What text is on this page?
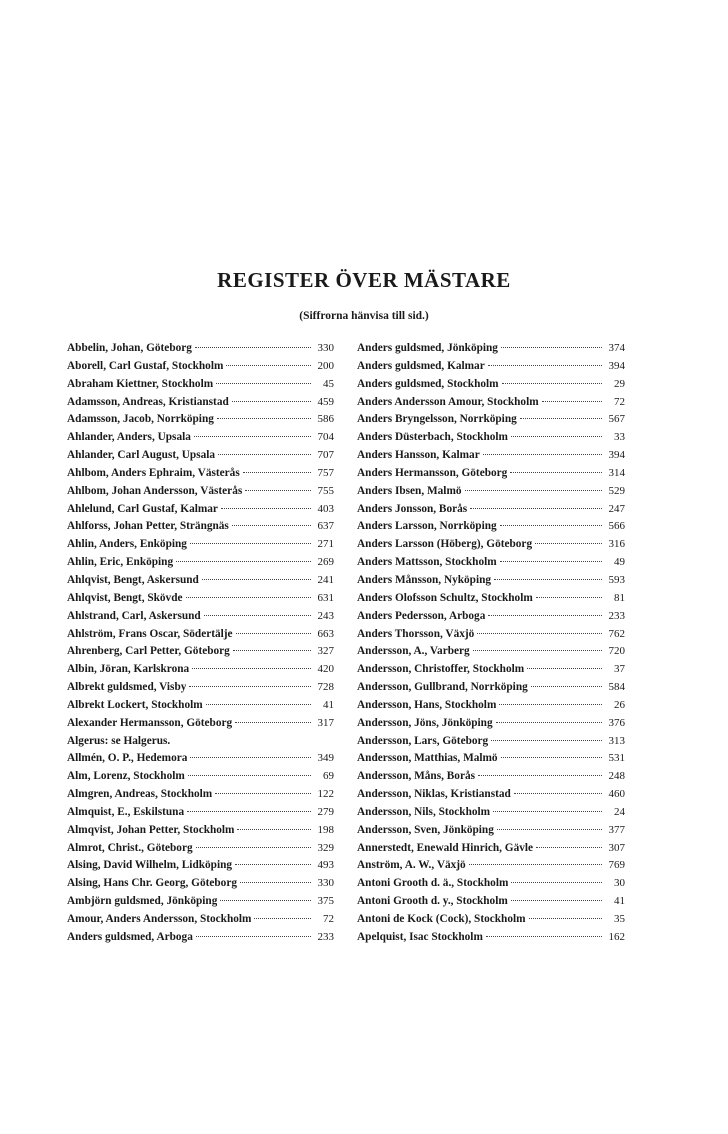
REGISTER ÖVER MÄSTARE
(Siffrorna hänvisa till sid.)
Abbelin, Johan, Göteborg	330
Aborell, Carl Gustaf, Stockholm	200
Abraham Kiettner, Stockholm	45
Adamsson, Andreas, Kristianstad	459
Adamsson, Jacob, Norrköping	586
Ahlander, Anders, Upsala	704
Ahlander, Carl August, Upsala	707
Ahlbom, Anders Ephraim, Västerås	757
Ahlbom, Johan Andersson, Västerås	755
Ahlelund, Carl Gustaf, Kalmar	403
Ahlforss, Johan Petter, Strängnäs	637
Ahlin, Anders, Enköping	271
Ahlin, Eric, Enköping	269
Ahlqvist, Bengt, Askersund	241
Ahlqvist, Bengt, Skövde	631
Ahlstrand, Carl, Askersund	243
Ahlström, Frans Oscar, Södertälje	663
Ahrenberg, Carl Petter, Göteborg	327
Albin, Jöran, Karlskrona	420
Albrekt guldsmed, Visby	728
Albrekt Lockert, Stockholm	41
Alexander Hermansson, Göteborg	317
Algerus: se Halgerus.
Allmén, O. P., Hedemora	349
Alm, Lorenz, Stockholm	69
Almgren, Andreas, Stockholm	122
Almquist, E., Eskilstuna	279
Almqvist, Johan Petter, Stockholm	198
Almrot, Christ., Göteborg	329
Alsing, David Wilhelm, Lidköping	493
Alsing, Hans Chr. Georg, Göteborg	330
Ambjörn guldsmed, Jönköping	375
Amour, Anders Andersson, Stockholm	72
Anders guldsmed, Arboga	233
Anders guldsmed, Jönköping	374
Anders guldsmed, Kalmar	394
Anders guldsmed, Stockholm	29
Anders Andersson Amour, Stockholm	72
Anders Bryngelsson, Norrköping	567
Anders Düsterbach, Stockholm	33
Anders Hansson, Kalmar	394
Anders Hermansson, Göteborg	314
Anders Ibsen, Malmö	529
Anders Jonsson, Borås	247
Anders Larsson, Norrköping	566
Anders Larsson (Höberg), Göteborg	316
Anders Mattsson, Stockholm	49
Anders Månsson, Nyköping	593
Anders Olofsson Schultz, Stockholm	81
Anders Pedersson, Arboga	233
Anders Thorsson, Växjö	762
Andersson, A., Varberg	720
Andersson, Christoffer, Stockholm	37
Andersson, Gullbrand, Norrköping	584
Andersson, Hans, Stockholm	26
Andersson, Jöns, Jönköping	376
Andersson, Lars, Göteborg	313
Andersson, Matthias, Malmö	531
Andersson, Måns, Borås	248
Andersson, Niklas, Kristianstad	460
Andersson, Nils, Stockholm	24
Andersson, Sven, Jönköping	377
Annerstedt, Enewald Hinrich, Gävle	307
Anström, A. W., Växjö	769
Antoni Grooth d. ä., Stockholm	30
Antoni Grooth d. y., Stockholm	41
Antoni de Kock (Cock), Stockholm	35
Apelquist, Isac Stockholm	162
